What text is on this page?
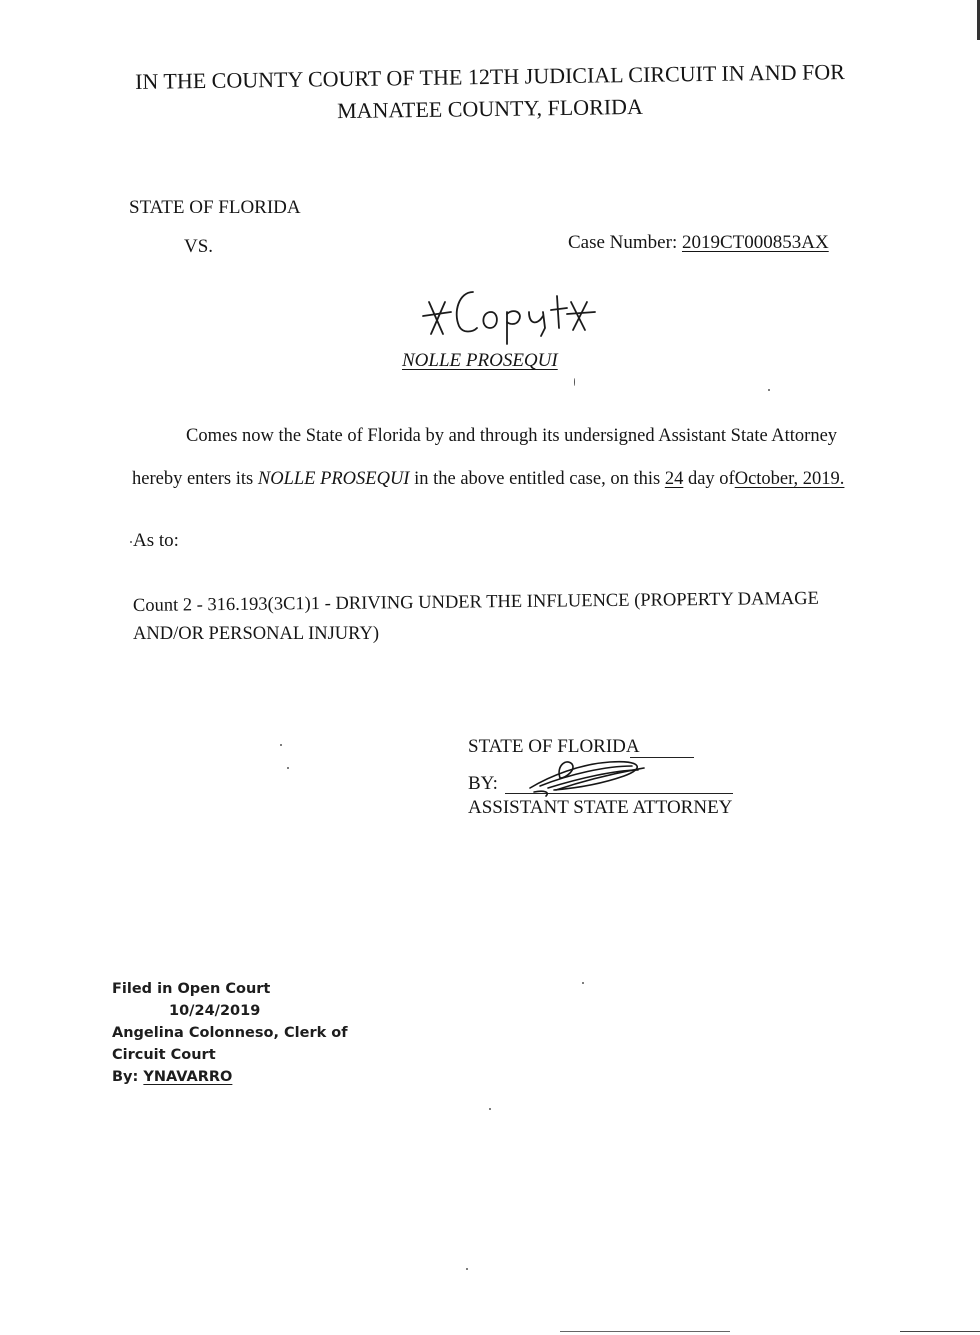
IN THE COUNTY COURT OF THE 12TH JUDICIAL CIRCUIT IN AND FOR
MANATEE COUNTY, FLORIDA
STATE OF FLORIDA
VS.	Case Number: 2019CT000853AX
NOLLE PROSEQUI
Comes now the State of Florida by and through its undersigned Assistant State Attorney
hereby enters its NOLLE PROSEQUI in the above entitled case, on this 24 day ofOctober, 2019.
As to:
Count 2 - 316.193(3C1)1 - DRIVING UNDER THE INFLUENCE (PROPERTY DAMAGE
AND/OR PERSONAL INJURY)
STATE OF FLORIDA
BY:
ASSISTANT STATE ATTORNEY
Filed in Open Court
10/24/2019
Angelina Colonneso, Clerk of
Circuit Court
By: YNAVARRO
